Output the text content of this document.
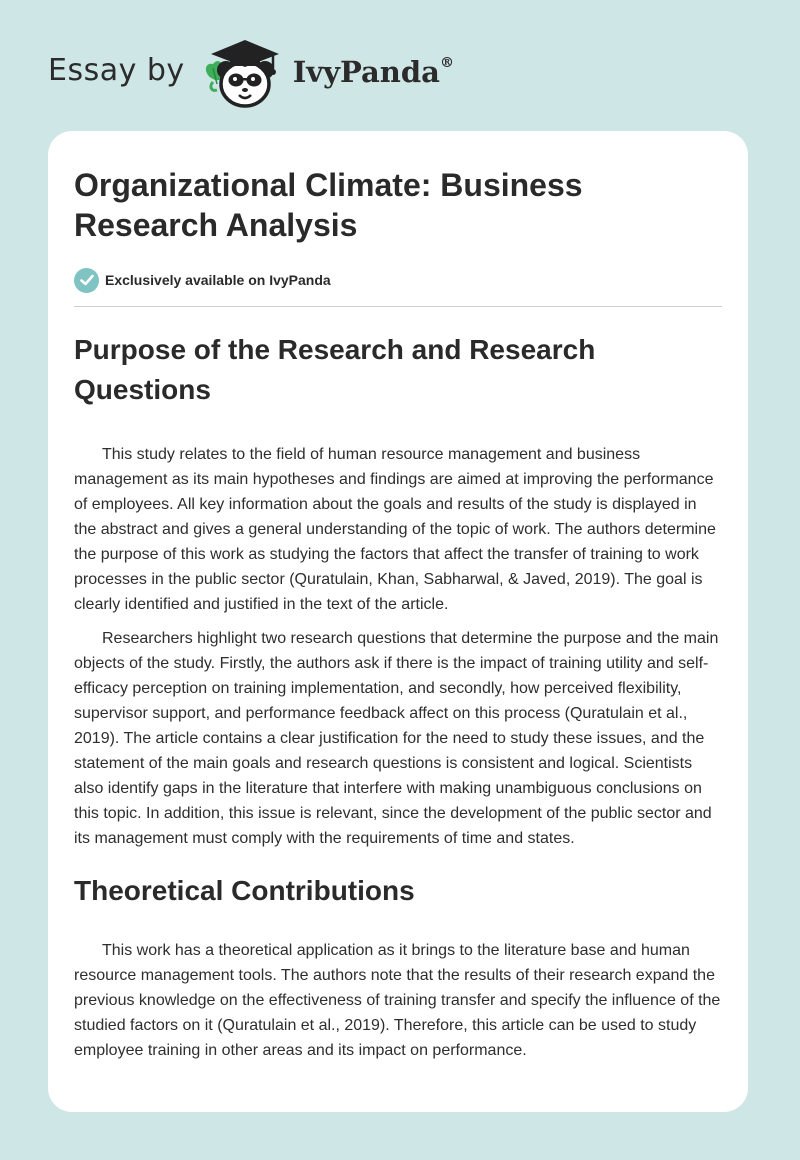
Essay by	IvyPanda®
Organizational Climate: Business Research Analysis
Exclusively available on IvyPanda
Purpose of the Research and Research Questions

This study relates to the field of human resource management and business management as its main hypotheses and findings are aimed at improving the performance of employees. All key information about the goals and results of the study is displayed in the abstract and gives a general understanding of the topic of work. The authors determine the purpose of this work as studying the factors that affect the transfer of training to work processes in the public sector (Quratulain, Khan, Sabharwal, & Javed, 2019). The goal is clearly identified and justified in the text of the article.

Researchers highlight two research questions that determine the purpose and the main objects of the study. Firstly, the authors ask if there is the impact of training utility and self-efficacy perception on training implementation, and secondly, how perceived flexibility, supervisor support, and performance feedback affect on this process (Quratulain et al., 2019). The article contains a clear justification for the need to study these issues, and the statement of the main goals and research questions is consistent and logical. Scientists also identify gaps in the literature that interfere with making unambiguous conclusions on this topic. In addition, this issue is relevant, since the development of the public sector and its management must comply with the requirements of time and states.

Theoretical Contributions

This work has a theoretical application as it brings to the literature base and human resource management tools. The authors note that the results of their research expand the previous knowledge on the effectiveness of training transfer and specify the influence of the studied factors on it (Quratulain et al., 2019). Therefore, this article can be used to study employee training in other areas and its impact on performance.
